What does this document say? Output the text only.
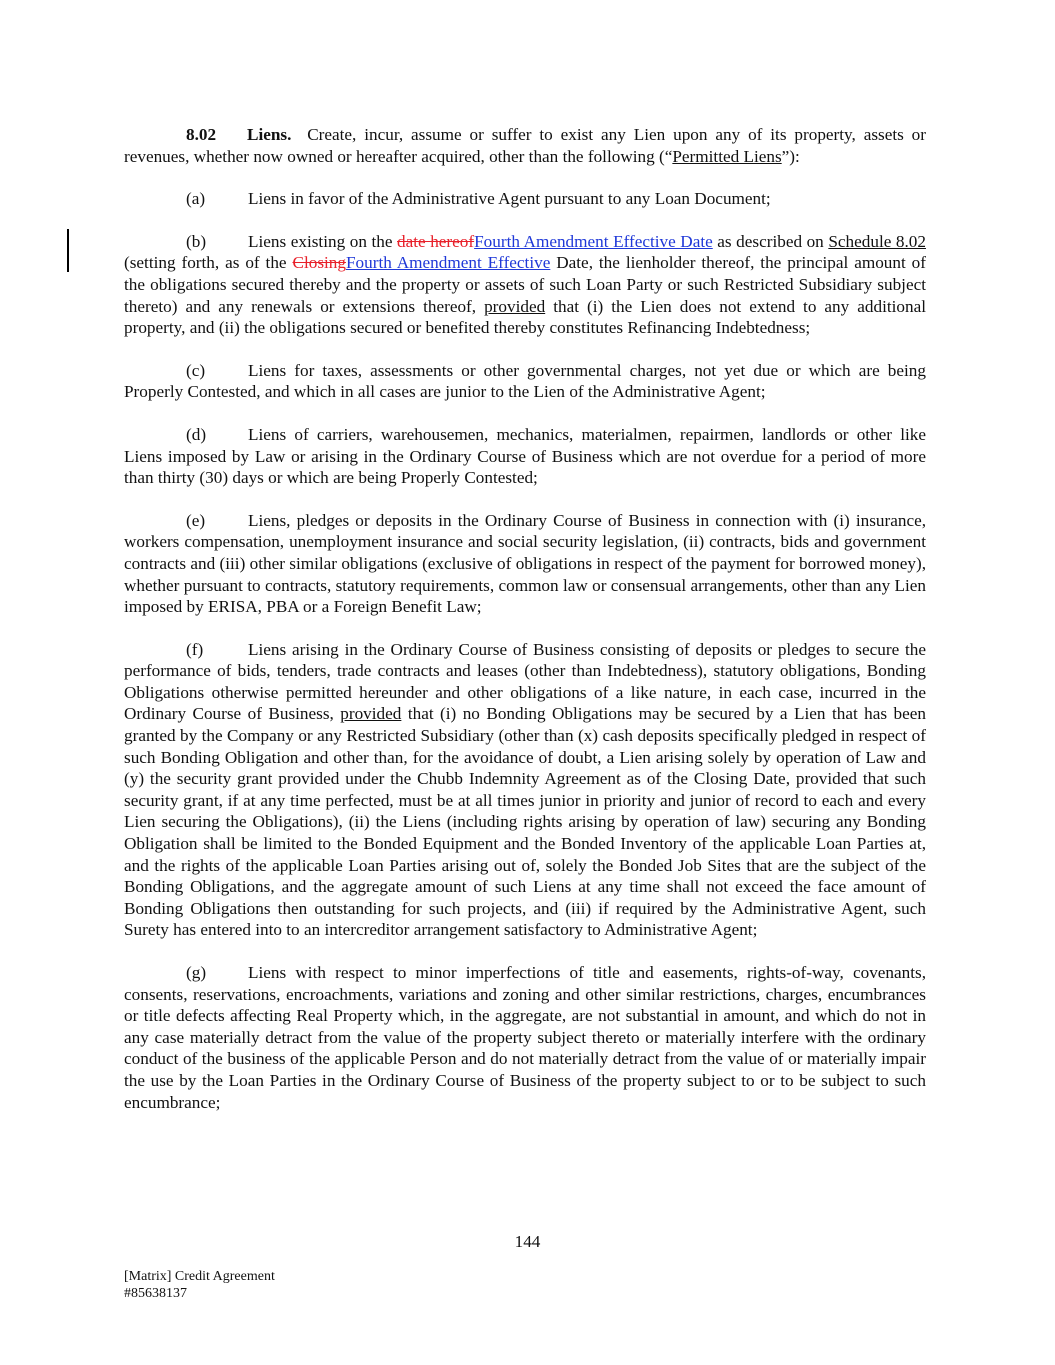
8.02 Liens. Create, incur, assume or suffer to exist any Lien upon any of its property, assets or revenues, whether now owned or hereafter acquired, other than the following (“Permitted Liens”):

(a) Liens in favor of the Administrative Agent pursuant to any Loan Document;

(b) Liens existing on the date hereofFourth Amendment Effective Date as described on Schedule 8.02 (setting forth, as of the ClosingFourth Amendment Effective Date, the lienholder thereof, the principal amount of the obligations secured thereby and the property or assets of such Loan Party or such Restricted Subsidiary subject thereto) and any renewals or extensions thereof, provided that (i) the Lien does not extend to any additional property, and (ii) the obligations secured or benefited thereby constitutes Refinancing Indebtedness;

(c) Liens for taxes, assessments or other governmental charges, not yet due or which are being Properly Contested, and which in all cases are junior to the Lien of the Administrative Agent;

(d) Liens of carriers, warehousemen, mechanics, materialmen, repairmen, landlords or other like Liens imposed by Law or arising in the Ordinary Course of Business which are not overdue for a period of more than thirty (30) days or which are being Properly Contested;

(e) Liens, pledges or deposits in the Ordinary Course of Business in connection with (i) insurance, workers compensation, unemployment insurance and social security legislation, (ii) contracts, bids and government contracts and (iii) other similar obligations (exclusive of obligations in respect of the payment for borrowed money), whether pursuant to contracts, statutory requirements, common law or consensual arrangements, other than any Lien imposed by ERISA, PBA or a Foreign Benefit Law;

(f)	Liens arising in the Ordinary Course of Business consisting of deposits or pledges to secure the performance of bids, tenders, trade contracts and leases (other than Indebtedness), statutory obligations, Bonding Obligations otherwise permitted hereunder and other obligations of a like nature, in each case, incurred in the Ordinary Course of Business, provided that (i) no Bonding Obligations may be secured by a Lien that has been granted by the Company or any Restricted Subsidiary (other than (x) cash deposits specifically pledged in respect of such Bonding Obligation and other than, for the avoidance of doubt, a Lien arising solely by operation of Law and (y) the security grant provided under the Chubb Indemnity Agreement as of the Closing Date, provided that such security grant, if at any time perfected, must be at all times junior in priority and junior of record to each and every Lien securing the Obligations), (ii) the Liens (including rights arising by operation of law) securing any Bonding Obligation shall be limited to the Bonded Equipment and the Bonded Inventory of the applicable Loan Parties at, and the rights of the applicable Loan Parties arising out of, solely the Bonded Job Sites that are the subject of the Bonding Obligations, and the aggregate amount of such Liens at any time shall not exceed the face amount of Bonding Obligations then outstanding for such projects, and (iii) if required by the Administrative Agent, such Surety has entered into to an intercreditor arrangement satisfactory to Administrative Agent;

(g) Liens with respect to minor imperfections of title and easements, rights-of-way, covenants, consents, reservations, encroachments, variations and zoning and other similar restrictions, charges, encumbrances or title defects affecting Real Property which, in the aggregate, are not substantial in amount, and which do not in any case materially detract from the value of the property subject thereto or materially interfere with the ordinary conduct of the business of the applicable Person and do not materially detract from the value of or materially impair the use by the Loan Parties in the Ordinary Course of Business of the property subject to or to be subject to such encumbrance;

144
[Matrix] Credit Agreement
#85638137
